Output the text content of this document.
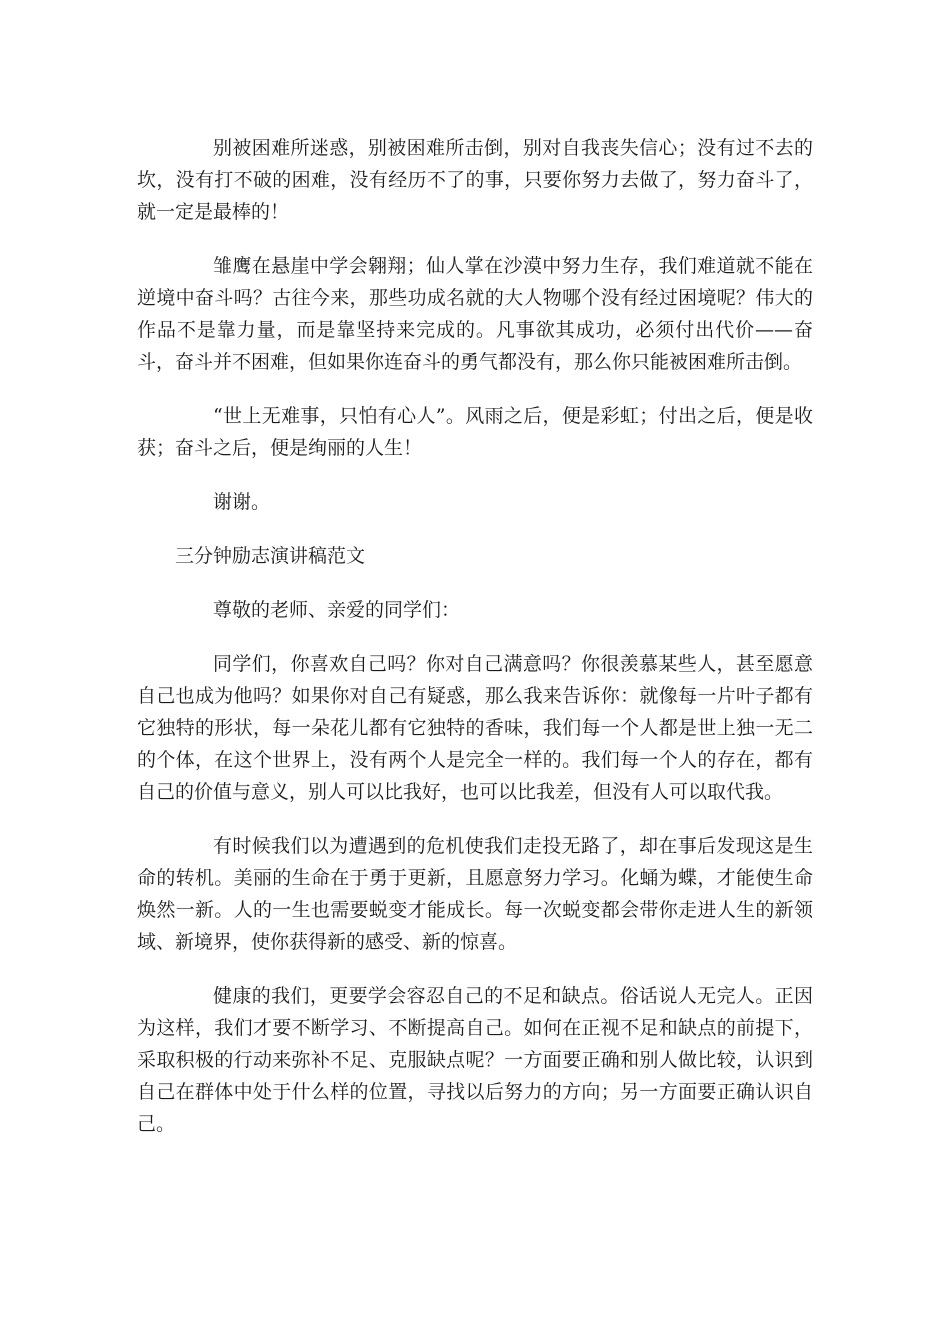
别被困难所迷惑，别被困难所击倒，别对自我丧失信心；没有过不去的坎，没有打不破的困难，没有经历不了的事，只要你努力去做了，努力奋斗了，就一定是最棒的！

雏鹰在悬崖中学会翱翔；仙人掌在沙漠中努力生存，我们难道就不能在逆境中奋斗吗？古往今来，那些功成名就的大人物哪个没有经过困境呢？伟大的作品不是靠力量，而是靠坚持来完成的。凡事欲其成功，必须付出代价——奋斗，奋斗并不困难，但如果你连奋斗的勇气都没有，那么你只能被困难所击倒。

“世上无难事，只怕有心人”。风雨之后，便是彩虹；付出之后，便是收获；奋斗之后，便是绚丽的人生！

谢谢。

三分钟励志演讲稿范文

尊敬的老师、亲爱的同学们：

同学们，你喜欢自己吗？你对自己满意吗？你很羡慕某些人，甚至愿意自己也成为他吗？如果你对自己有疑惑，那么我来告诉你：就像每一片叶子都有它独特的形状，每一朵花儿都有它独特的香味，我们每一个人都是世上独一无二的个体，在这个世界上，没有两个人是完全一样的。我们每一个人的存在，都有自己的价值与意义，别人可以比我好，也可以比我差，但没有人可以取代我。

有时候我们以为遭遇到的危机使我们走投无路了，却在事后发现这是生命的转机。美丽的生命在于勇于更新，且愿意努力学习。化蛹为蝶，才能使生命焕然一新。人的一生也需要蜕变才能成长。每一次蜕变都会带你走进人生的新领域、新境界，使你获得新的感受、新的惊喜。

健康的我们，更要学会容忍自己的不足和缺点。俗话说人无完人。正因为这样，我们才要不断学习、不断提高自己。如何在正视不足和缺点的前提下，采取积极的行动来弥补不足、克服缺点呢？一方面要正确和别人做比较，认识到自己在群体中处于什么样的位置，寻找以后努力的方向；另一方面要正确认识自己。
